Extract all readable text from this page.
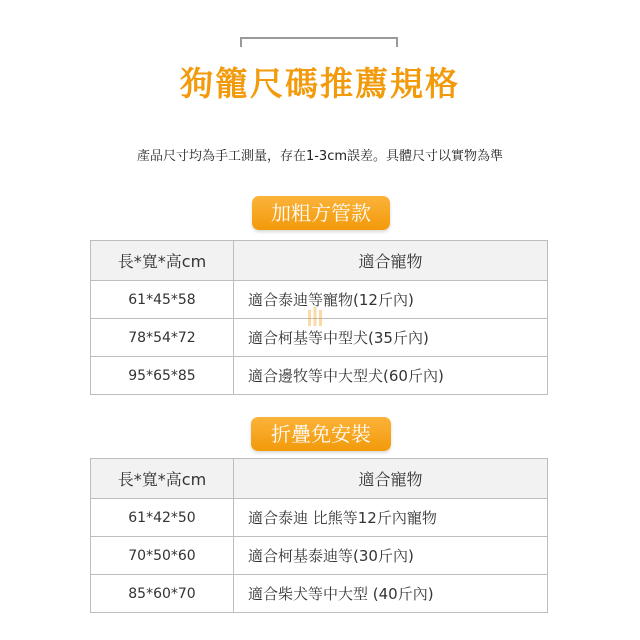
狗籠尺碼推薦規格
產品尺寸均為手工測量，存在1-3cm誤差。具體尺寸以實物為準
加粗方管款
長*寬*高cm	適合寵物
61*45*58	適合泰迪等寵物(12斤內)
78*54*72	適合柯基等中型犬(35斤內)
95*65*85	適合邊牧等中大型犬(60斤內)
折疊免安裝
長*寬*高cm	適合寵物
61*42*50	適合泰迪 比熊等12斤內寵物
70*50*60	適合柯基泰迪等(30斤內)
85*60*70	適合柴犬等中大型 (40斤內)
